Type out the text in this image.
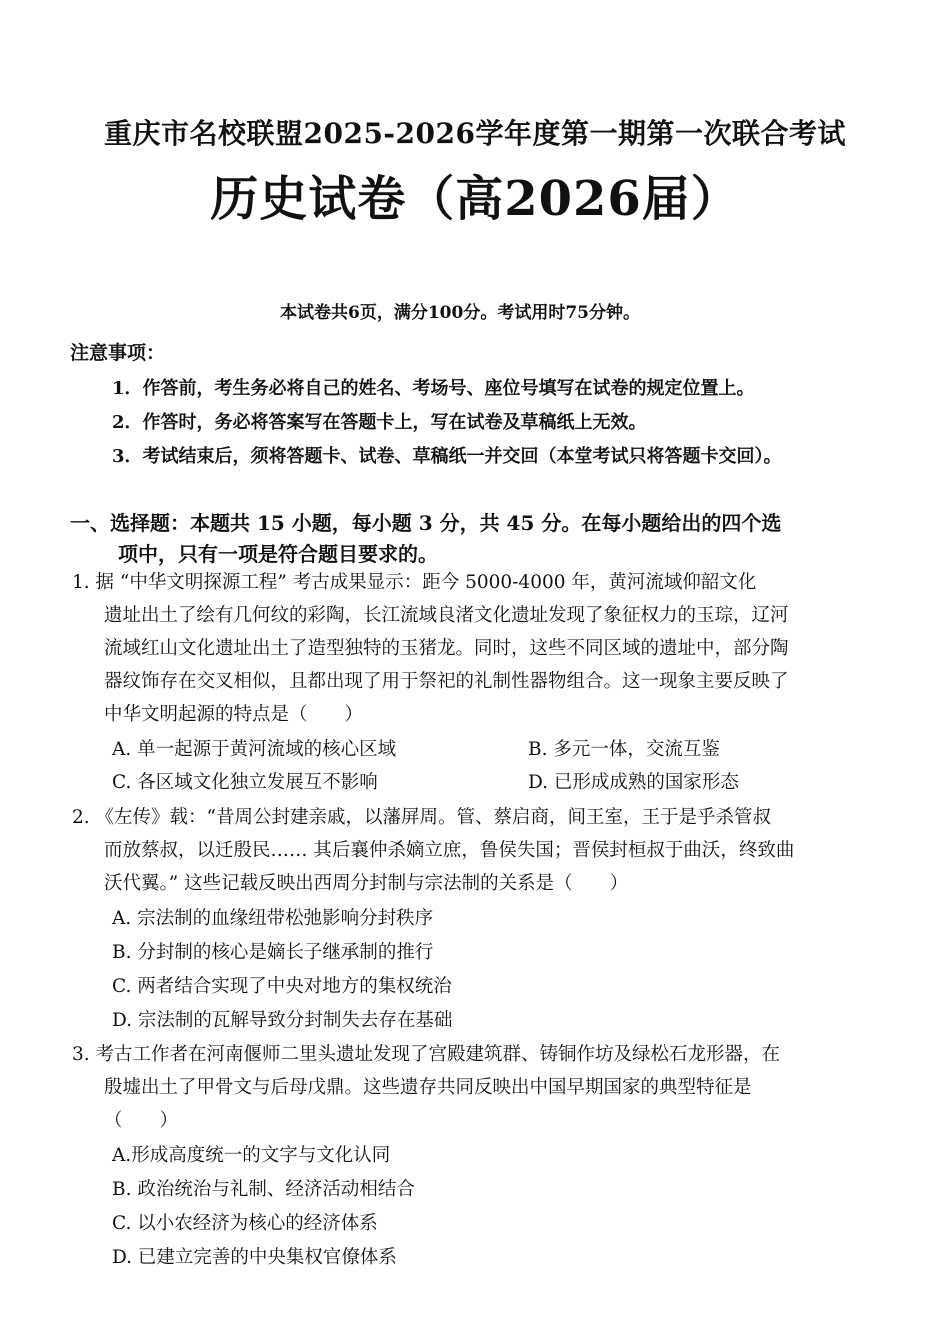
重庆市名校联盟2025-2026学年度第一期第一次联合考试
历史试卷（高2026届）
本试卷共6页，满分100分。考试用时75分钟。
注意事项：
1．作答前，考生务必将自己的姓名、考场号、座位号填写在试卷的规定位置上。
2．作答时，务必将答案写在答题卡上，写在试卷及草稿纸上无效。
3．考试结束后，须将答题卡、试卷、草稿纸一并交回（本堂考试只将答题卡交回）。
一、选择题：本题共 15 小题，每小题 3 分，共 45 分。在每小题给出的四个选
项中，只有一项是符合题目要求的。
1. 据 “中华文明探源工程” 考古成果显示：距今 5000-4000 年，黄河流域仰韶文化
遗址出土了绘有几何纹的彩陶，长江流域良渚文化遗址发现了象征权力的玉琮，辽河
流域红山文化遗址出土了造型独特的玉猪龙。同时，这些不同区域的遗址中，部分陶
器纹饰存在交叉相似，且都出现了用于祭祀的礼制性器物组合。这一现象主要反映了
中华文明起源的特点是（　　）
A. 单一起源于黄河流域的核心区域	B. 多元一体，交流互鉴
C. 各区域文化独立发展互不影响	D. 已形成成熟的国家形态
2. 《左传》载：“昔周公封建亲戚，以藩屏周。管、蔡启商，间王室，王于是乎杀管叔
而放蔡叔，以迁殷民…… 其后襄仲杀嫡立庶，鲁侯失国；晋侯封桓叔于曲沃，终致曲
沃代翼。” 这些记载反映出西周分封制与宗法制的关系是（　　）
A. 宗法制的血缘纽带松弛影响分封秩序
B. 分封制的核心是嫡长子继承制的推行
C. 两者结合实现了中央对地方的集权统治
D. 宗法制的瓦解导致分封制失去存在基础
3. 考古工作者在河南偃师二里头遗址发现了宫殿建筑群、铸铜作坊及绿松石龙形器，在
殷墟出土了甲骨文与后母戊鼎。这些遗存共同反映出中国早期国家的典型特征是
（　　）
A.形成高度统一的文字与文化认同
B. 政治统治与礼制、经济活动相结合
C. 以小农经济为核心的经济体系
D. 已建立完善的中央集权官僚体系
